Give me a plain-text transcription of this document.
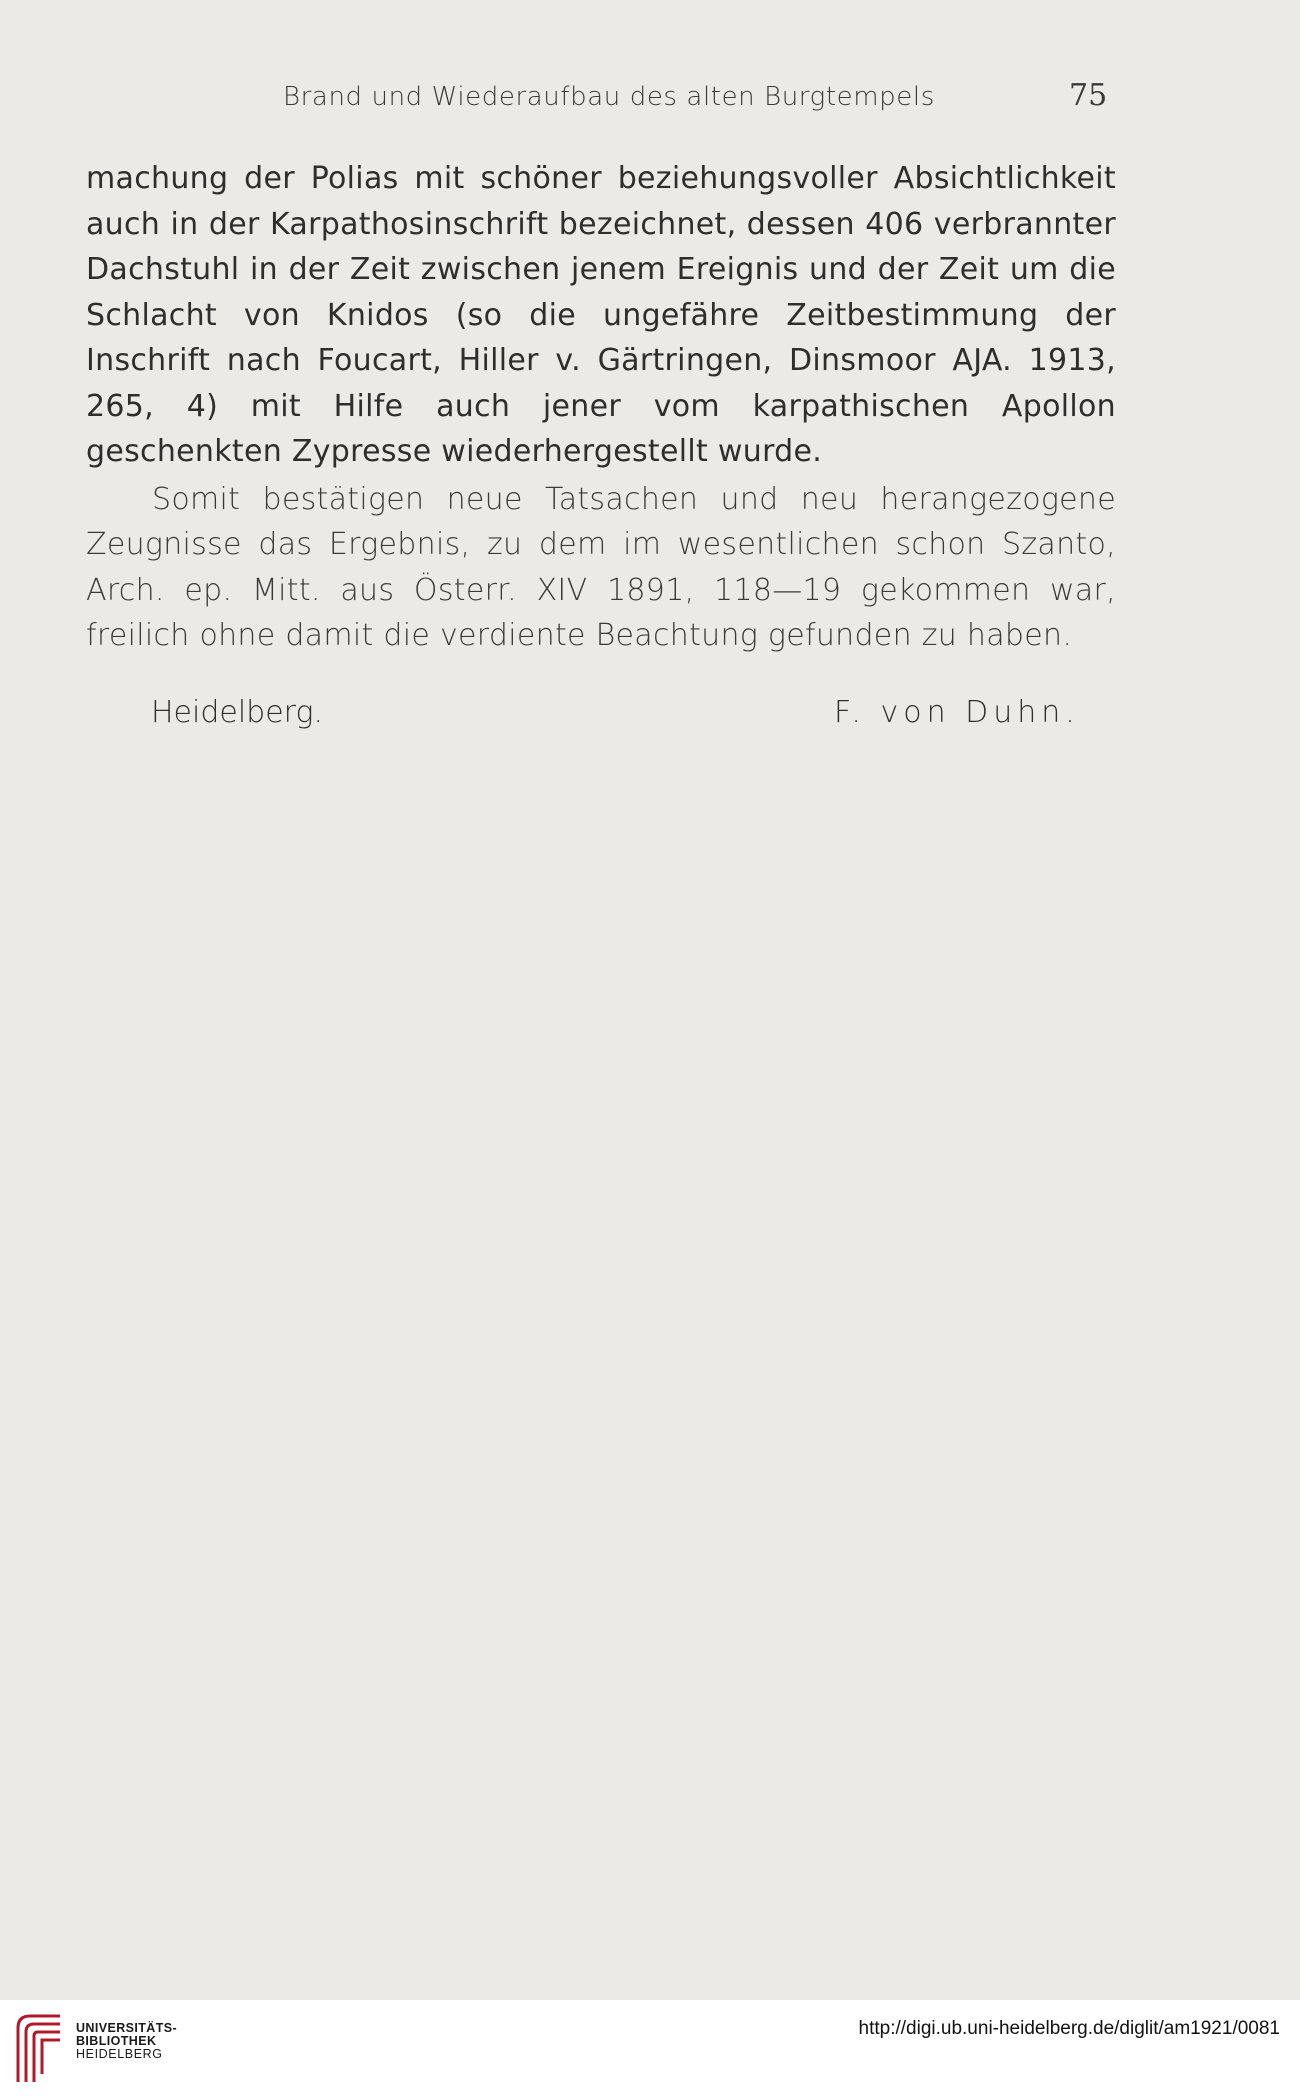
Brand und Wiederaufbau des alten Burgtempels	75

machung der Polias mit schöner beziehungsvoller Absichtlichkeit auch in der Karpathosinschrift bezeichnet, dessen 406 verbrannter Dachstuhl in der Zeit zwischen jenem Ereignis und der Zeit um die Schlacht von Knidos (so die ungefähre Zeitbestimmung der Inschrift nach Foucart, Hiller v. Gärtringen, Dinsmoor AJA. 1913, 265, 4) mit Hilfe auch jener vom karpathischen Apollon geschenkten Zypresse wiederhergestellt wurde.

Somit bestätigen neue Tatsachen und neu herangezogene Zeugnisse das Ergebnis, zu dem im wesentlichen schon Szanto, Arch. ep. Mitt. aus Österr. XIV 1891, 118—19 gekommen war, freilich ohne damit die verdiente Beachtung gefunden zu haben.

Heidelberg.	F. von Duhn.
UNIVERSITÄTS-
BIBLIOTHEK
HEIDELBERG
http://digi.ub.uni-heidelberg.de/diglit/am1921/0081
